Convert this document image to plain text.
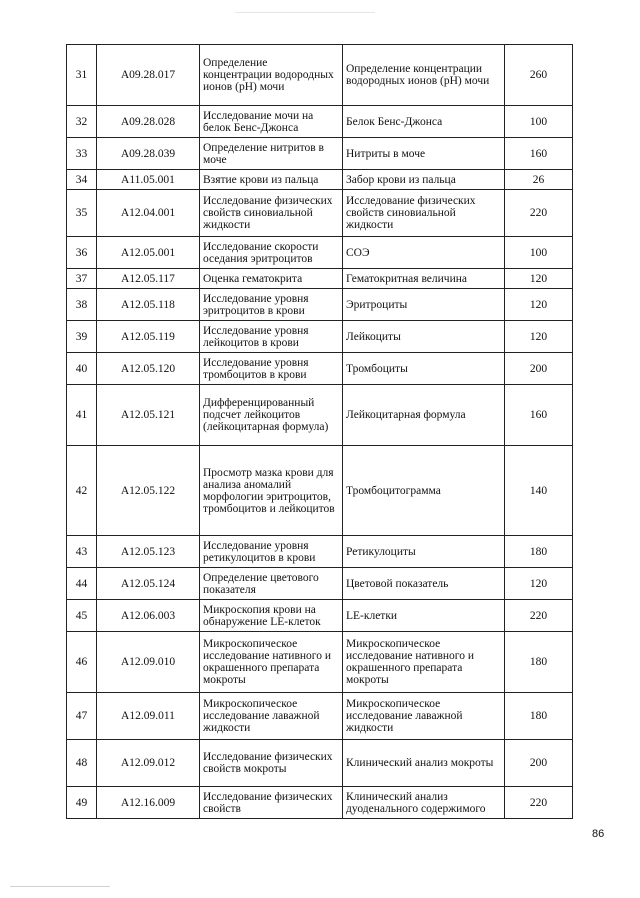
31	A09.28.017	Определение концентрации водородных ионов (рН) мочи	Определение концентрации водородных ионов (рН) мочи	260
32	A09.28.028	Исследование мочи на белок Бенс-Джонса	Белок Бенс-Джонса	100
33	A09.28.039	Определение нитритов в моче	Нитриты в моче	160
34	A11.05.001	Взятие крови из пальца	Забор крови из пальца	26
35	A12.04.001	Исследование физических свойств синовиальной жидкости	Исследование физических свойств синовиальной жидкости	220
36	A12.05.001	Исследование скорости оседания эритроцитов	СОЭ	100
37	A12.05.117	Оценка гематокрита	Гематокритная величина	120
38	A12.05.118	Исследование уровня эритроцитов в крови	Эритроциты	120
39	A12.05.119	Исследование уровня лейкоцитов в крови	Лейкоциты	120
40	A12.05.120	Исследование уровня тромбоцитов в крови	Тромбоциты	200
41	A12.05.121	Дифференцированный подсчет лейкоцитов (лейкоцитарная формула)	Лейкоцитарная формула	160
42	A12.05.122	Просмотр мазка крови для анализа аномалий морфологии эритроцитов, тромбоцитов и лейкоцитов	Тромбоцитограмма	140
43	A12.05.123	Исследование уровня ретикулоцитов в крови	Ретикулоциты	180
44	A12.05.124	Определение цветового показателя	Цветовой показатель	120
45	A12.06.003	Микроскопия крови на обнаружение LE-клеток	LE-клетки	220
46	A12.09.010	Микроскопическое исследование нативного и окрашенного препарата мокроты	Микроскопическое исследование нативного и окрашенного препарата мокроты	180
47	A12.09.011	Микроскопическое исследование лаважной жидкости	Микроскопическое исследование лаважной жидкости	180
48	A12.09.012	Исследование физических свойств мокроты	Клинический анализ мокроты	200
49	A12.16.009	Исследование физических свойств	Клинический анализ дуоденального содержимого	220
86
